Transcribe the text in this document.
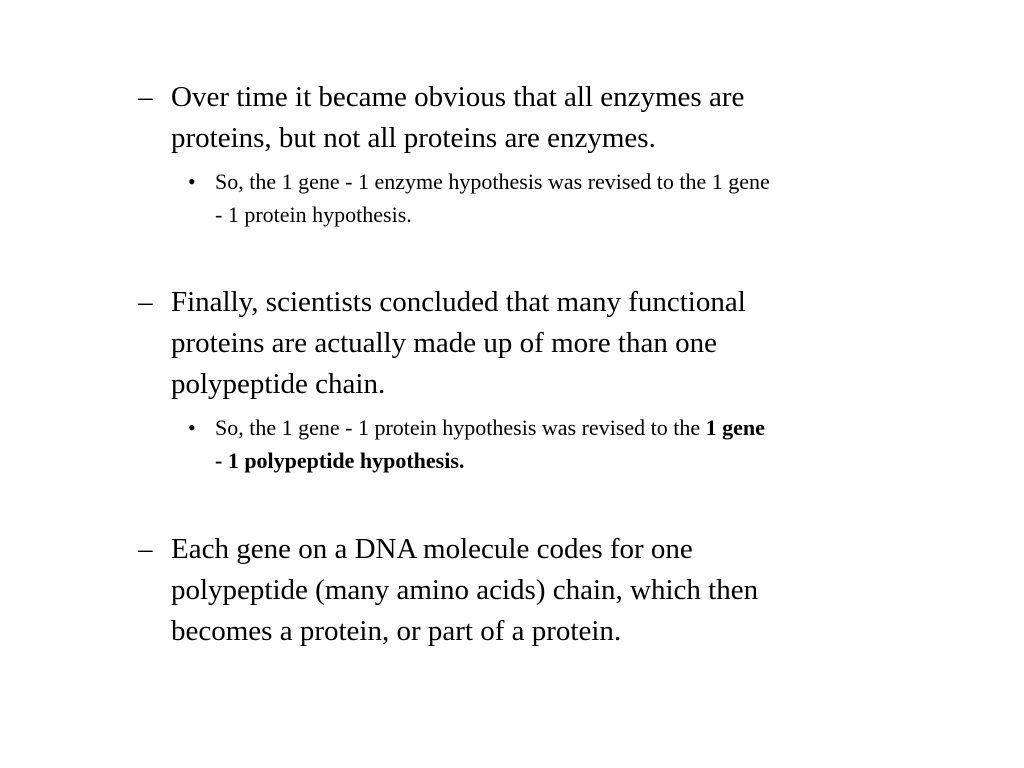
– Over time it became obvious that all enzymes are
proteins, but not all proteins are enzymes.
• So, the 1 gene - 1 enzyme hypothesis was revised to the 1 gene
- 1 protein hypothesis.
– Finally, scientists concluded that many functional
proteins are actually made up of more than one
polypeptide chain.
• So, the 1 gene - 1 protein hypothesis was revised to the 1 gene
- 1 polypeptide hypothesis.
– Each gene on a DNA molecule codes for one
polypeptide (many amino acids) chain, which then
becomes a protein, or part of a protein.
